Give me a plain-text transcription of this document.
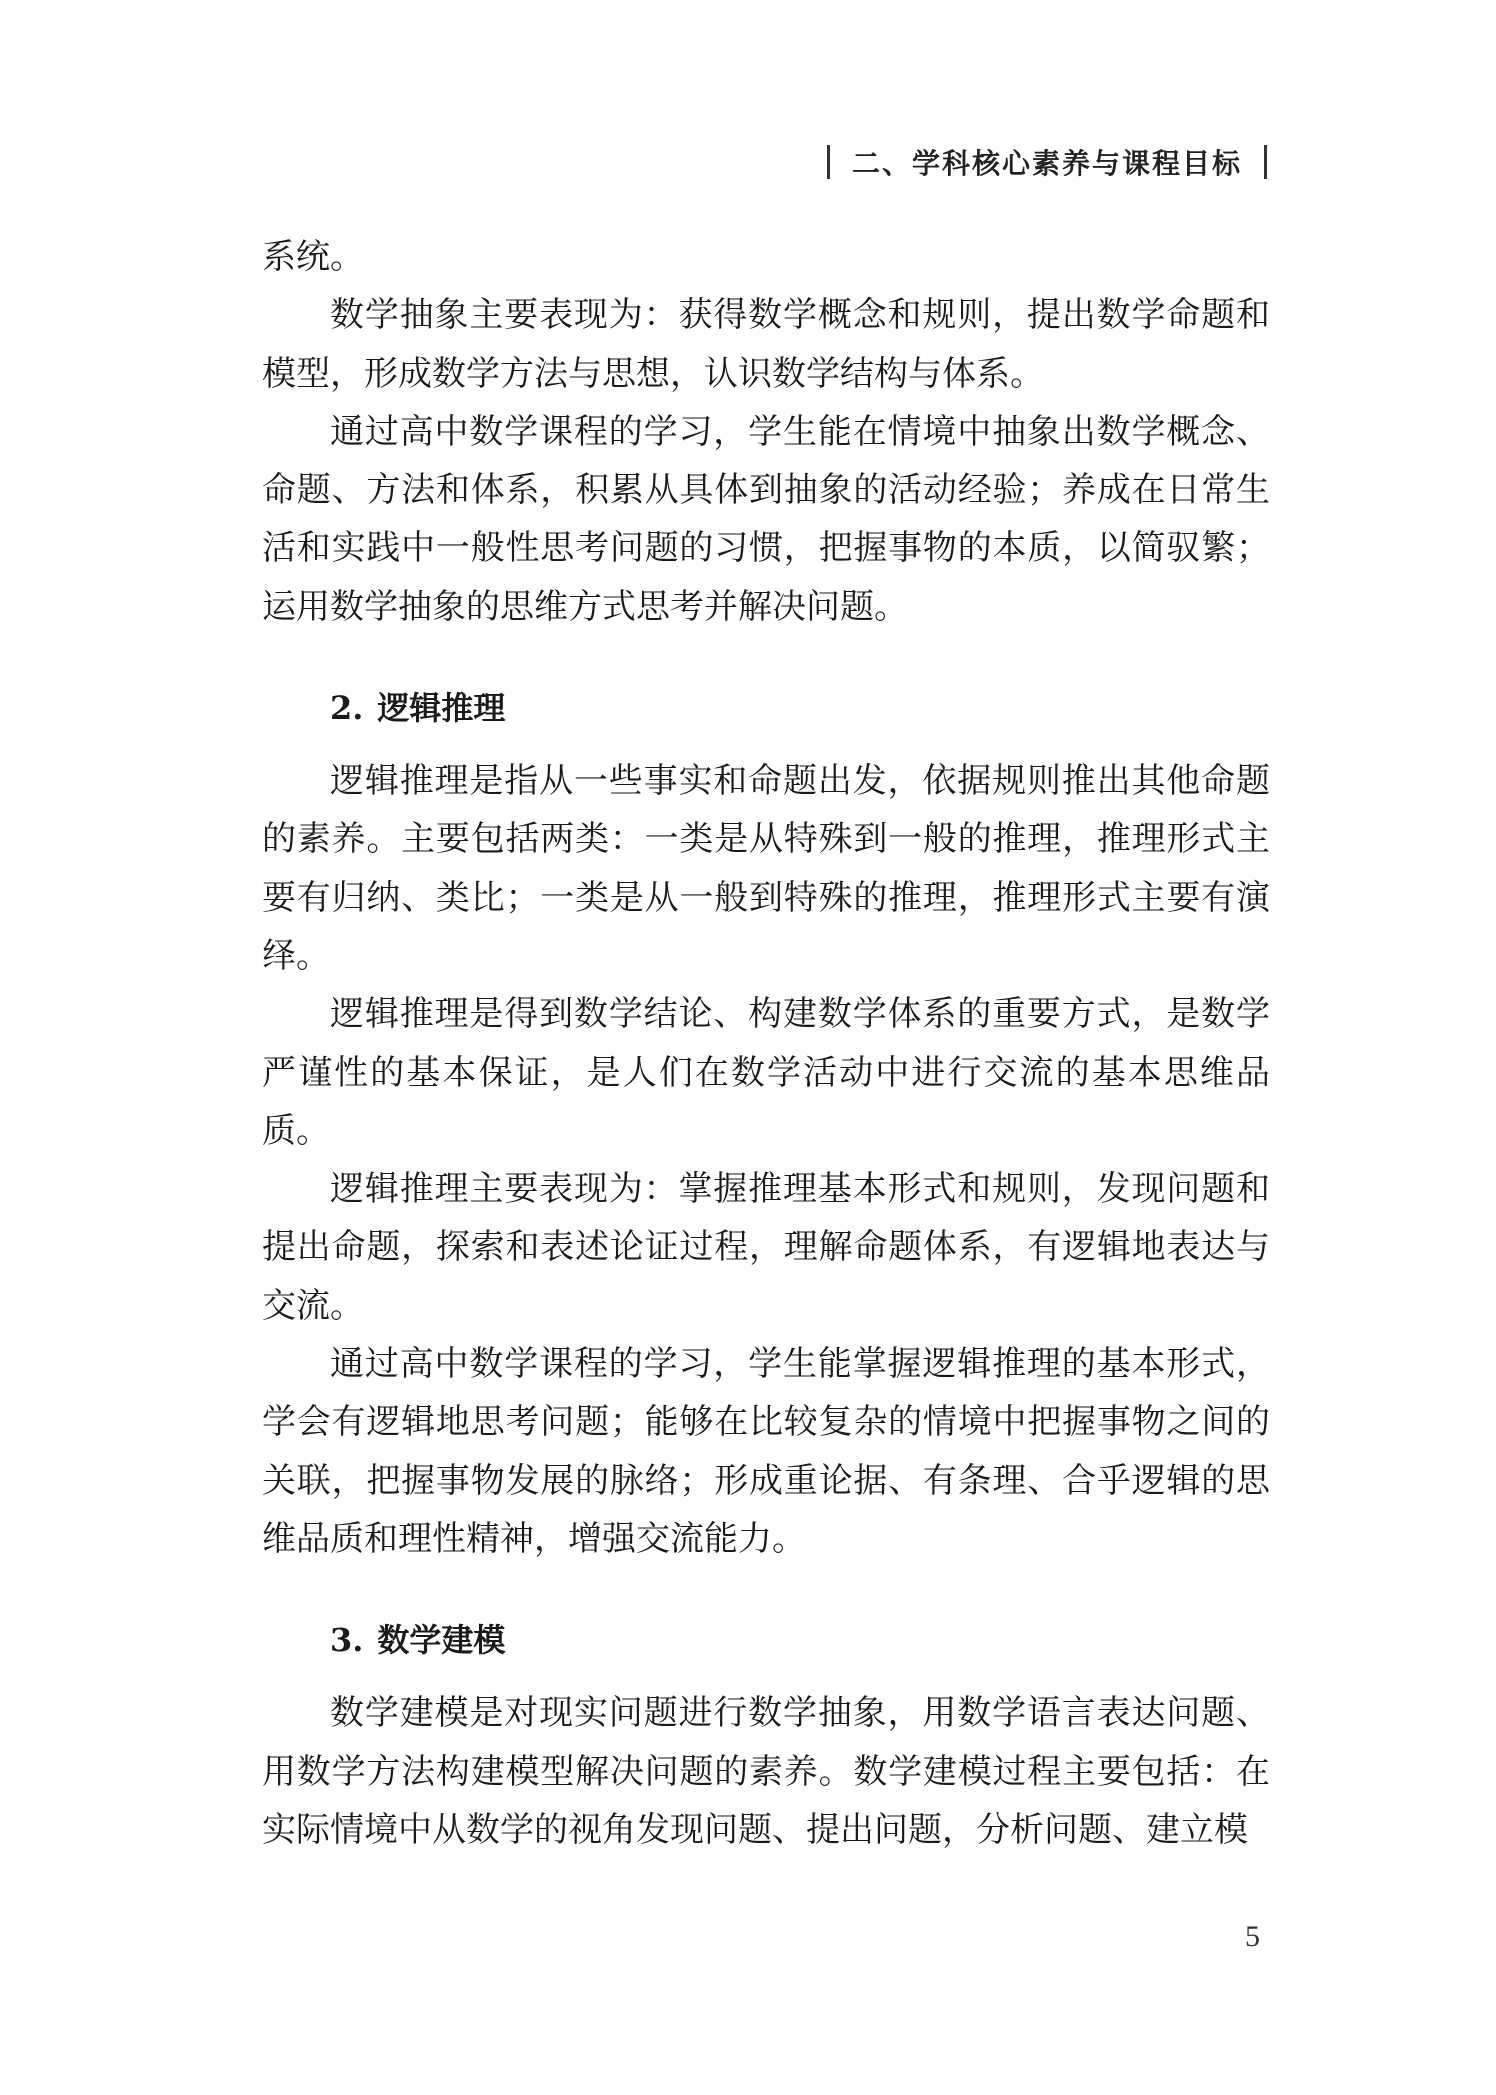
二、学科核心素养与课程目标

系统。

数学抽象主要表现为：获得数学概念和规则，提出数学命题和模型，形成数学方法与思想，认识数学结构与体系。

通过高中数学课程的学习，学生能在情境中抽象出数学概念、命题、方法和体系，积累从具体到抽象的活动经验；养成在日常生活和实践中一般性思考问题的习惯，把握事物的本质，以简驭繁；运用数学抽象的思维方式思考并解决问题。

2. 逻辑推理

逻辑推理是指从一些事实和命题出发，依据规则推出其他命题的素养。主要包括两类：一类是从特殊到一般的推理，推理形式主要有归纳、类比；一类是从一般到特殊的推理，推理形式主要有演绎。

逻辑推理是得到数学结论、构建数学体系的重要方式，是数学严谨性的基本保证，是人们在数学活动中进行交流的基本思维品质。

逻辑推理主要表现为：掌握推理基本形式和规则，发现问题和提出命题，探索和表述论证过程，理解命题体系，有逻辑地表达与交流。

通过高中数学课程的学习，学生能掌握逻辑推理的基本形式，学会有逻辑地思考问题；能够在比较复杂的情境中把握事物之间的关联，把握事物发展的脉络；形成重论据、有条理、合乎逻辑的思维品质和理性精神，增强交流能力。

3. 数学建模

数学建模是对现实问题进行数学抽象，用数学语言表达问题、用数学方法构建模型解决问题的素养。数学建模过程主要包括：在实际情境中从数学的视角发现问题、提出问题，分析问题、建立模

5
